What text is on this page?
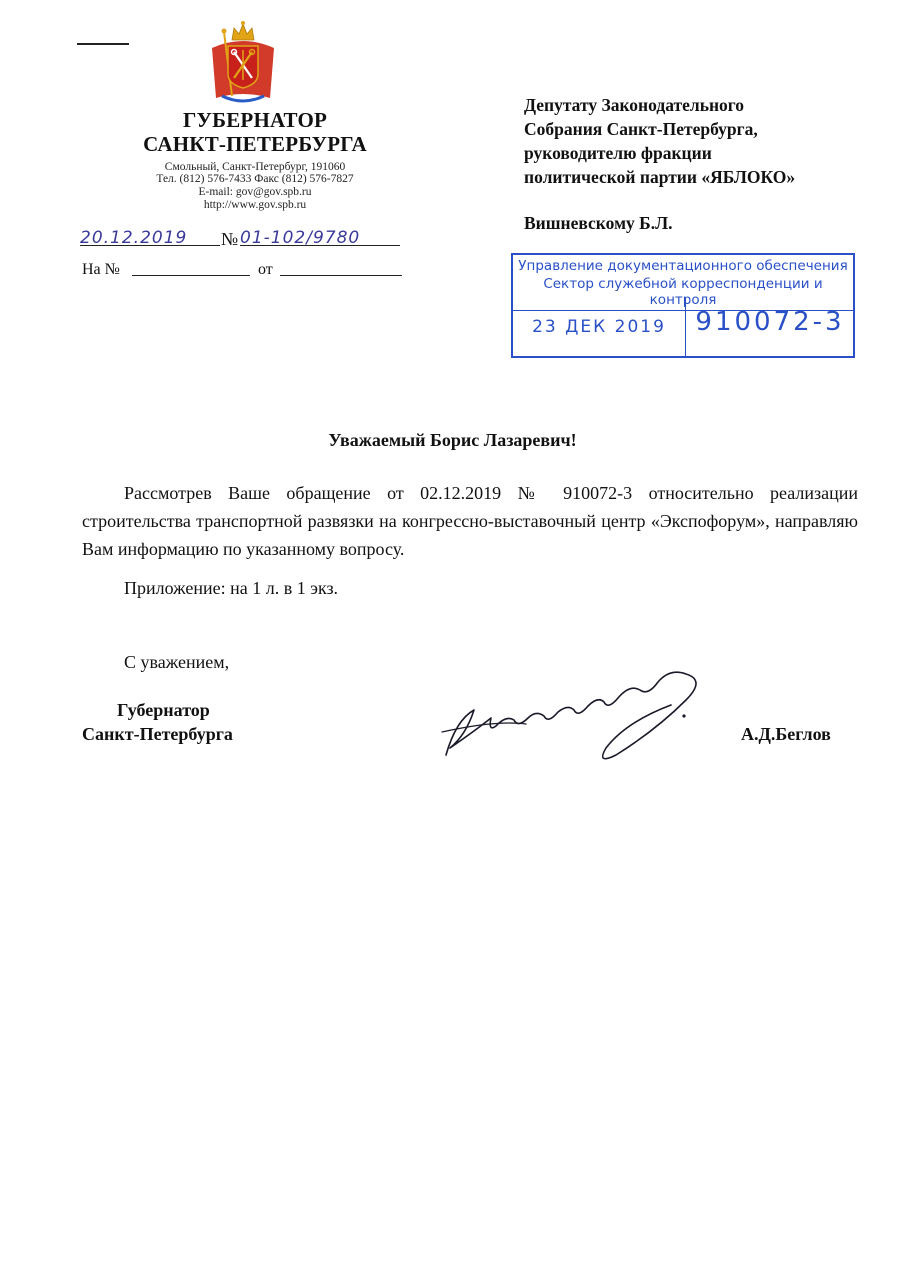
ГУБЕРНАТОР
САНКТ-ПЕТЕРБУРГА
Смольный, Санкт-Петербург, 191060
Тел. (812) 576-7433 Факс (812) 576-7827
E-mail: gov@gov.spb.ru
http://www.gov.spb.ru
20.12.2019	№ 01-102/9780
На №	от
Депутату Законодательного
Собрания Санкт-Петербурга,
руководителю фракции
политической партии «ЯБЛОКО»
Вишневскому Б.Л.
Управление документационного обеспечения
Сектор служебной корреспонденции и контроля
23 ДЕК 2019	910072-3
Уважаемый Борис Лазаревич!
Рассмотрев Ваше обращение от 02.12.2019 № 910072-3 относительно реализации строительства транспортной развязки на конгрессно-выставочный центр «Экспофорум», направляю Вам информацию по указанному вопросу.
Приложение: на 1 л. в 1 экз.
С уважением,
Губернатор
Санкт-Петербурга	А.Д.Беглов
